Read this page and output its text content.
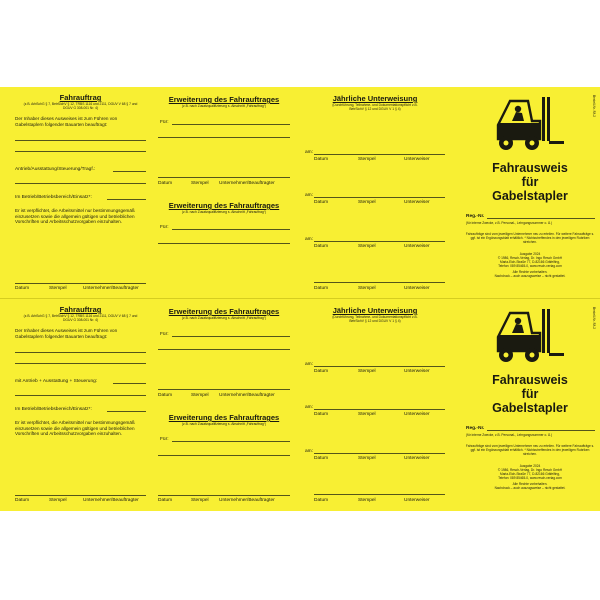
Fahrauftrag

(z.B. ArbSchG § 7, BetrSichV § 12, TRBS 1116 und 2111, DGUV V 68 § 7 und DGUV G 308-001 Nr. 4)

Der Inhaber dieses Ausweises ist zum Führen von Gabelstaplern folgender Bauarten beauftragt:

Antrieb/Ausstattung/Steuerung/Tragf.:
Im Betrieb/Betriebsbereich/Einsatz*:

Er ist verpflichtet, die Arbeitsmittel nur bestimmungsgemäß einzusetzen sowie die allgemein gültigen und betrieblichen Vorschriften und Arbeitsschutzvorgaben einzuhalten.

Datum	Stempel	Unternehmer/Beauftragter

Erweiterung des Fahrauftrages

(z.B. nach Zusatzqualifizierung s. Abschnitt „Fahrauftrag“)

Für:
Datum	Stempel Unternehmer/Beauftragter

Erweiterung des Fahrauftrages

(z.B. nach Zusatzqualifizierung s. Abschnitt „Fahrauftrag“)

Für:

Jährliche Unterweisung

(Durchführung, Teilnahme- und Dokumentationspflicht z.B. BetrSichV § 12 und DGUV V 1 § 4)

am:
Datum	Stempel	Unterweiser
am:
Datum	Stempel	Unterweiser
am:
Datum	Stempel	Unterweiser
Datum	Stempel	Unterweiser
Bestell-Nr. FA 2
Fahrausweis
für
Gabelstapler
Reg.-Nr.
(für interne Zwecke, z.B. Personal-, Lehrgangsnummer o. Ä.)
Fahraufträge sind vom jeweiligen Unternehmer neu zu erteilen. Für weitere Fahraufträge s. ggf. ist ein Ergänzungsblatt erhältlich. * Nichtzutreffendes in den jeweiligen Rubriken streichen.
Ausgabe 2024
© 1986, Resch-Verlag, Dr. Ingo Resch GmbH
Maria-Eich-Straße 77, D-82166 Gräfelfing,
Telefon: 089 85465-0, www.resch-verlag.com
Alle Rechte vorbehalten.
Nachdruck – auch auszugsweise – nicht gestattet.

Fahrauftrag

(z.B. ArbSchG § 7, BetrSichV § 12, TRBS 1116 und 2111, DGUV V 68 § 7 und DGUV G 308-001 Nr. 4)

Der Inhaber dieses Ausweises ist zum Führen von Gabelstaplern folgender Bauarten beauftragt:

mit Antrieb + Ausstattung + Steuerung:
Im Betrieb/Betriebsbereich/Einsatz*:

Er ist verpflichtet, die Arbeitsmittel nur bestimmungsgemäß einzusetzen sowie die allgemein gültigen und betrieblichen Vorschriften und Arbeitsschutzvorgaben einzuhalten.

Datum	Stempel	Unternehmer/Beauftragter

Erweiterung des Fahrauftrages

(z.B. nach Zusatzqualifizierung s. Abschnitt „Fahrauftrag“)

Für:
Datum	Stempel Unternehmer/Beauftragter

Erweiterung des Fahrauftrages

(z.B. nach Zusatzqualifizierung s. Abschnitt „Fahrauftrag“)

Für:
Datum	Stempel Unternehmer/Beauftragter

Jährliche Unterweisung

(Durchführung, Teilnahme- und Dokumentationspflicht z.B. BetrSichV § 12 und DGUV V 1 § 4)

am:
Datum	Stempel	Unterweiser
am:
Datum	Stempel	Unterweiser
am:
Datum	Stempel	Unterweiser
Datum	Stempel	Unterweiser
Bestell-Nr. FA 2
Fahrausweis
für
Gabelstapler
Reg.-Nr.
(für interne Zwecke, z.B. Personal-, Lehrgangsnummer o. Ä.)
Fahraufträge sind vom jeweiligen Unternehmer neu zu erteilen. Für weitere Fahraufträge s. ggf. ist ein Ergänzungsblatt erhältlich. * Nichtzutreffendes in den jeweiligen Rubriken streichen.
Ausgabe 2024
© 1986, Resch-Verlag, Dr. Ingo Resch GmbH
Maria-Eich-Straße 77, D-82166 Gräfelfing,
Telefon: 089 85465-0, www.resch-verlag.com
Alle Rechte vorbehalten.
Nachdruck – auch auszugsweise – nicht gestattet.
